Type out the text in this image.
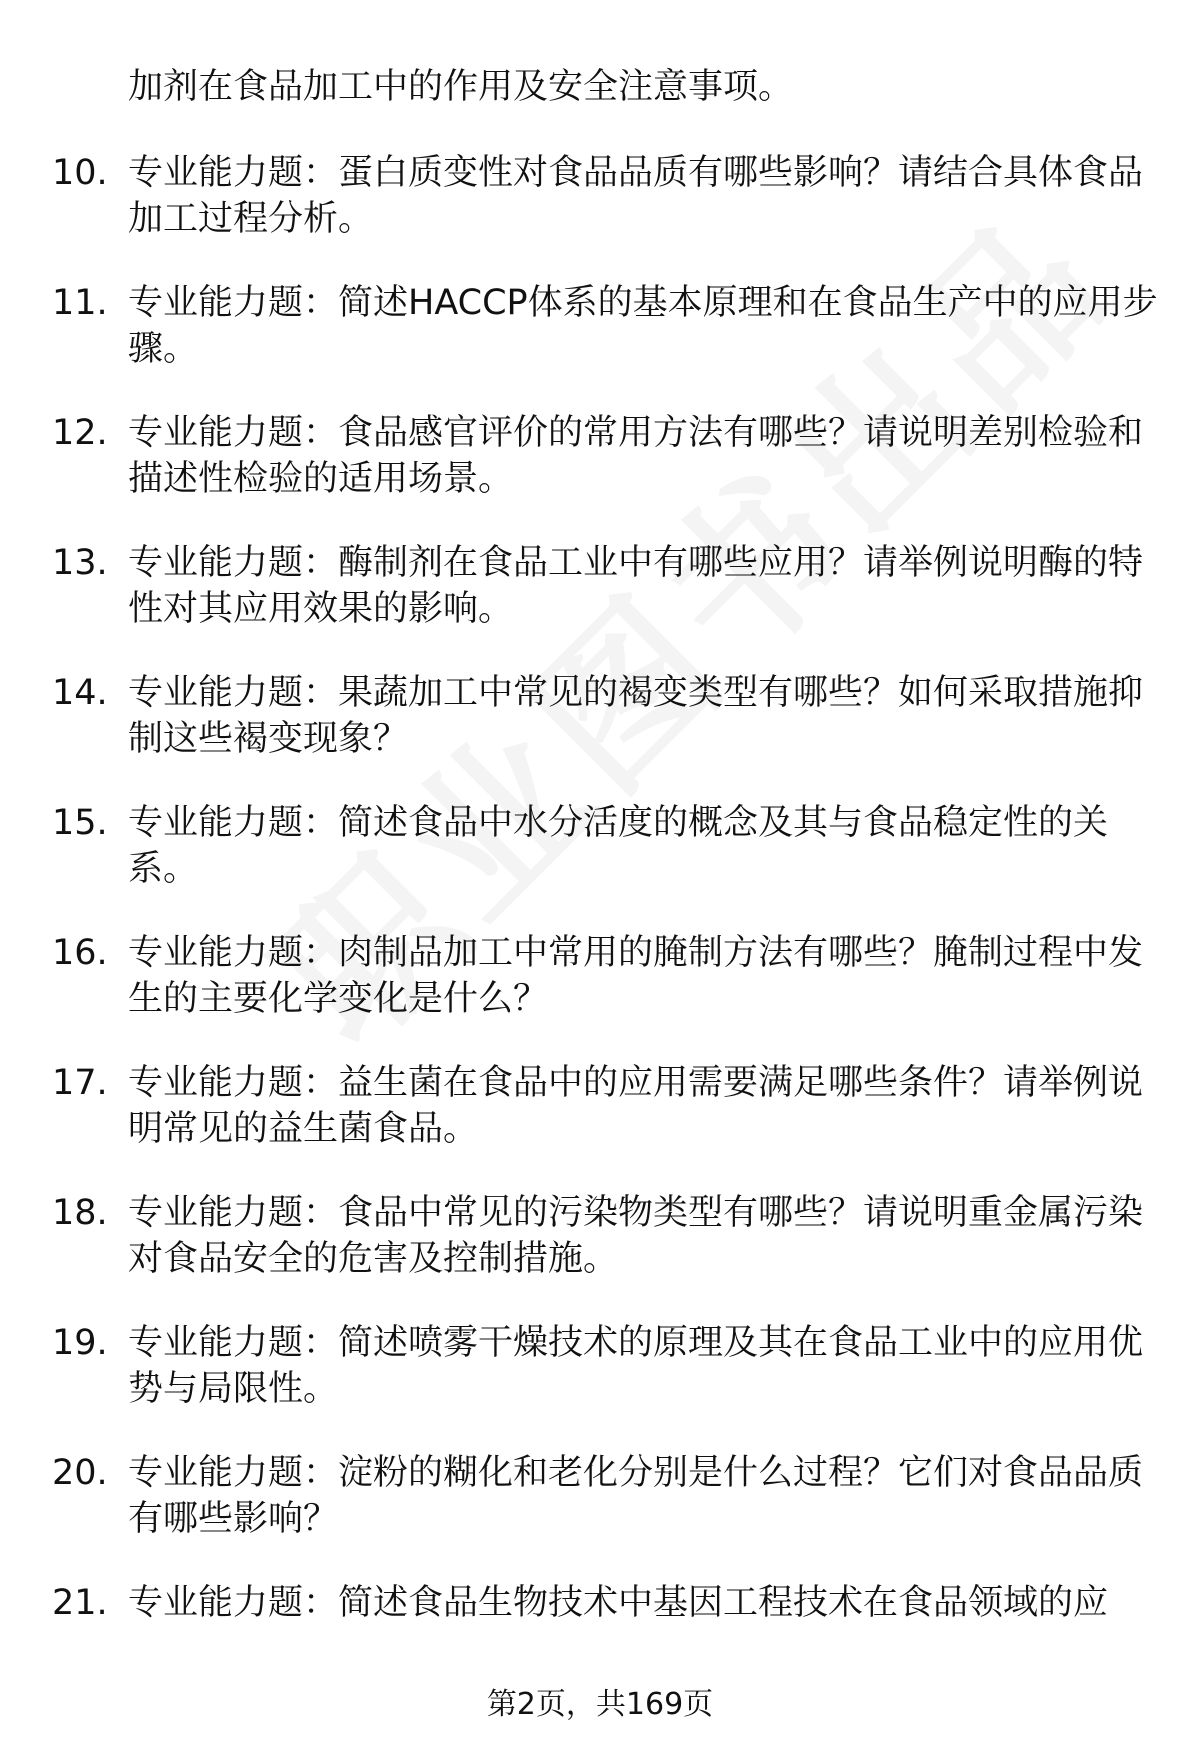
加剂在食品加工中的作用及安全注意事项。
10. 专业能力题：蛋白质变性对食品品质有哪些影响？请结合具体食品加工过程分析。
11. 专业能力题：简述HACCP体系的基本原理和在食品生产中的应用步骤。
12. 专业能力题：食品感官评价的常用方法有哪些？请说明差别检验和描述性检验的适用场景。
13. 专业能力题：酶制剂在食品工业中有哪些应用？请举例说明酶的特性对其应用效果的影响。
14. 专业能力题：果蔬加工中常见的褐变类型有哪些？如何采取措施抑制这些褐变现象？
15. 专业能力题：简述食品中水分活度的概念及其与食品稳定性的关系。
16. 专业能力题：肉制品加工中常用的腌制方法有哪些？腌制过程中发生的主要化学变化是什么？
17. 专业能力题：益生菌在食品中的应用需要满足哪些条件？请举例说明常见的益生菌食品。
18. 专业能力题：食品中常见的污染物类型有哪些？请说明重金属污染对食品安全的危害及控制措施。
19. 专业能力题：简述喷雾干燥技术的原理及其在食品工业中的应用优势与局限性。
20. 专业能力题：淀粉的糊化和老化分别是什么过程？它们对食品品质有哪些影响？
21. 专业能力题：简述食品生物技术中基因工程技术在食品领域的应
第2页，共169页
